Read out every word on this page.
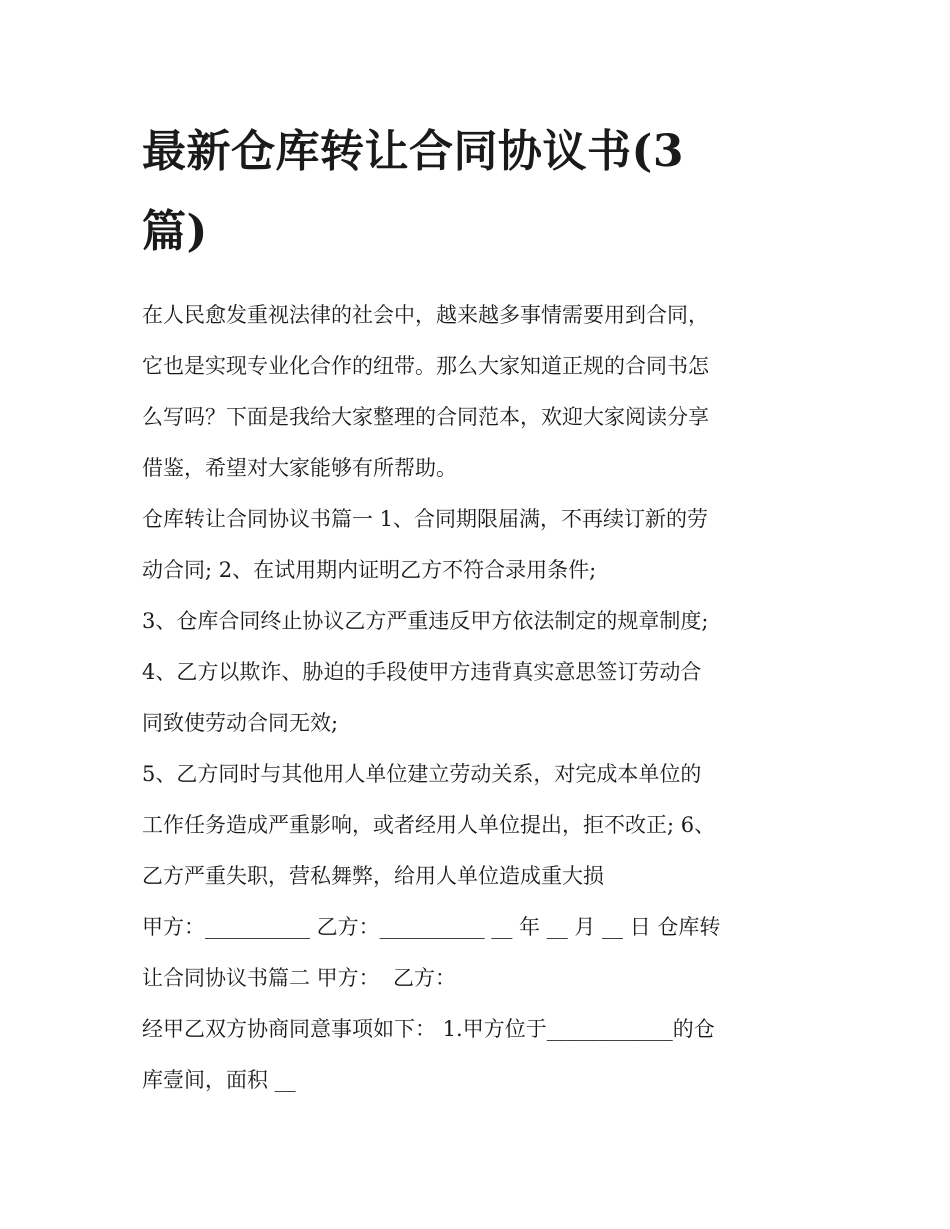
最新仓库转让合同协议书(3
篇)

在人民愈发重视法律的社会中，越来越多事情需要用到合同，
它也是实现专业化合作的纽带。那么大家知道正规的合同书怎
么写吗？下面是我给大家整理的合同范本，欢迎大家阅读分享
借鉴，希望对大家能够有所帮助。

仓库转让合同协议书篇一 1、合同期限届满，不再续订新的劳
动合同; 2、在试用期内证明乙方不符合录用条件;

3、仓库合同终止协议乙方严重违反甲方依法制定的规章制度;

4、乙方以欺诈、胁迫的手段使甲方违背真实意思签订劳动合
同致使劳动合同无效;

5、乙方同时与其他用人单位建立劳动关系，对完成本单位的
工作任务造成严重影响，或者经用人单位提出，拒不改正; 6、
乙方严重失职，营私舞弊，给用人单位造成重大损

甲方：__________ 乙方：__________ __ 年 __ 月 __ 日 仓库转
让合同协议书篇二 甲方：  乙方：

经甲乙双方协商同意事项如下： 1.甲方位于____________的仓
库壹间，面积 __
